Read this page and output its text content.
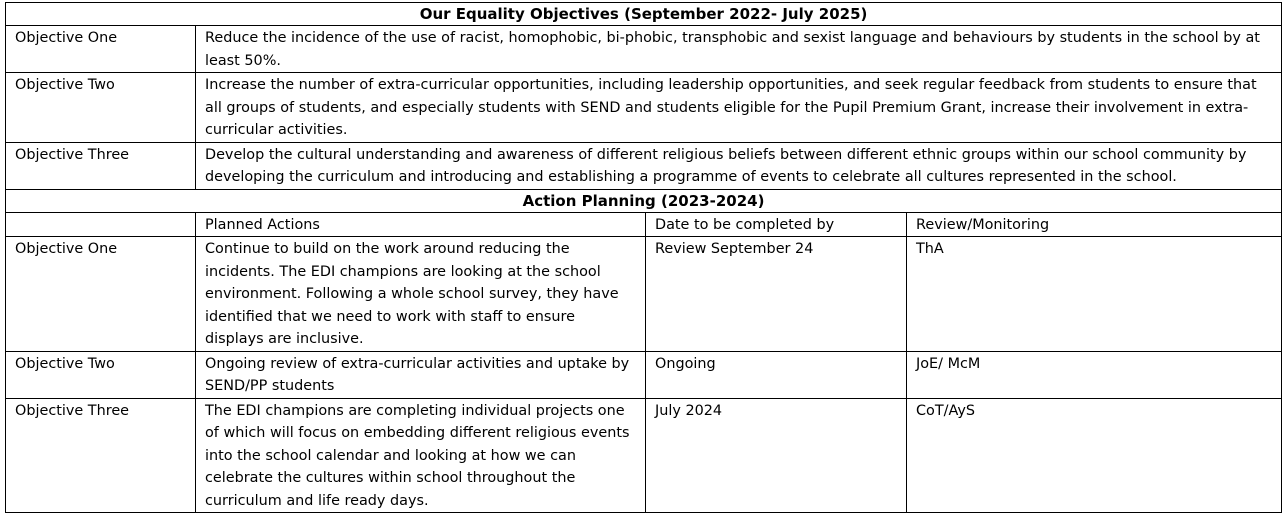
Our Equality Objectives (September 2022- July 2025)			
Objective One	Reduce the incidence of the use of racist, homophobic, bi-phobic, transphobic and sexist language and behaviours by students in the school by at least 50%.		
Objective Two	Increase the number of extra-curricular opportunities, including leadership opportunities, and seek regular feedback from students to ensure that all groups of students, and especially students with SEND and students eligible for the Pupil Premium Grant, increase their involvement in extra-curricular activities.		
Objective Three	Develop the cultural understanding and awareness of different religious beliefs between different ethnic groups within our school community by developing the curriculum and introducing and establishing a programme of events to celebrate all cultures represented in the school.		
Action Planning (2023-2024)			
	Planned Actions	Date to be completed by	Review/Monitoring
Objective One	Continue to build on the work around reducing the incidents. The EDI champions are looking at the school environment. Following a whole school survey, they have identified that we need to work with staff to ensure displays are inclusive.	Review September 24	ThA
Objective Two	Ongoing review of extra-curricular activities and uptake by SEND/PP students	Ongoing	JoE/ McM
Objective Three	The EDI champions are completing individual projects one of which will focus on embedding different religious events into the school calendar and looking at how we can celebrate the cultures within school throughout the curriculum and life ready days.	July 2024	CoT/AyS
